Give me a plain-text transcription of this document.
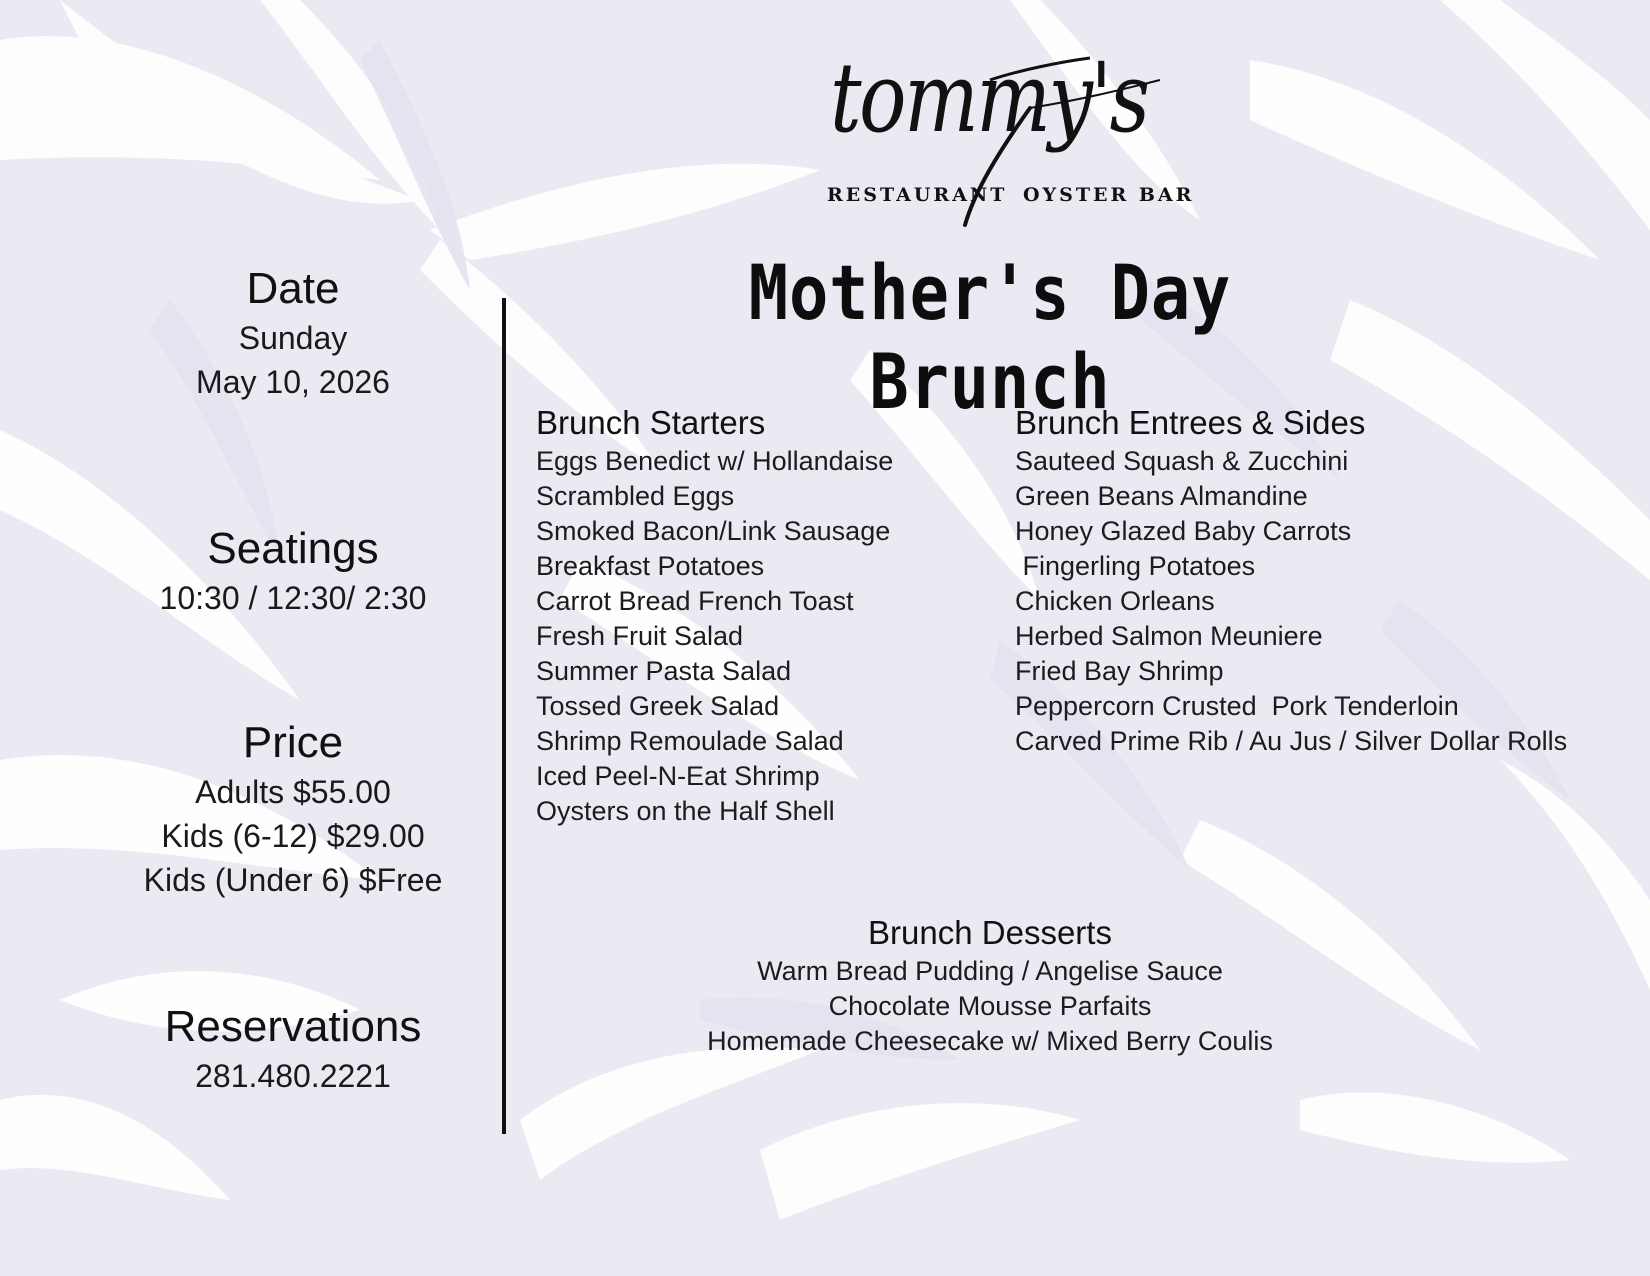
tommy's
RESTAURANT OYSTER BAR
Mother's Day Brunch
Date
Sunday
May 10, 2026
Seatings
10:30 / 12:30/ 2:30
Price
Adults $55.00
Kids (6-12) $29.00
Kids (Under 6) $Free
Reservations
281.480.2221
Brunch Starters
Eggs Benedict w/ Hollandaise
Scrambled Eggs
Smoked Bacon/Link Sausage
Breakfast Potatoes
Carrot Bread French Toast
Fresh Fruit Salad
Summer Pasta Salad
Tossed Greek Salad
Shrimp Remoulade Salad
Iced Peel-N-Eat Shrimp
Oysters on the Half Shell
Brunch Entrees & Sides
Sauteed Squash & Zucchini
Green Beans Almandine
Honey Glazed Baby Carrots
Fingerling Potatoes
Chicken Orleans
Herbed Salmon Meuniere
Fried Bay Shrimp
Peppercorn Crusted  Pork Tenderloin
Carved Prime Rib / Au Jus / Silver Dollar Rolls
Brunch Desserts
Warm Bread Pudding / Angelise Sauce
Chocolate Mousse Parfaits
Homemade Cheesecake w/ Mixed Berry Coulis
